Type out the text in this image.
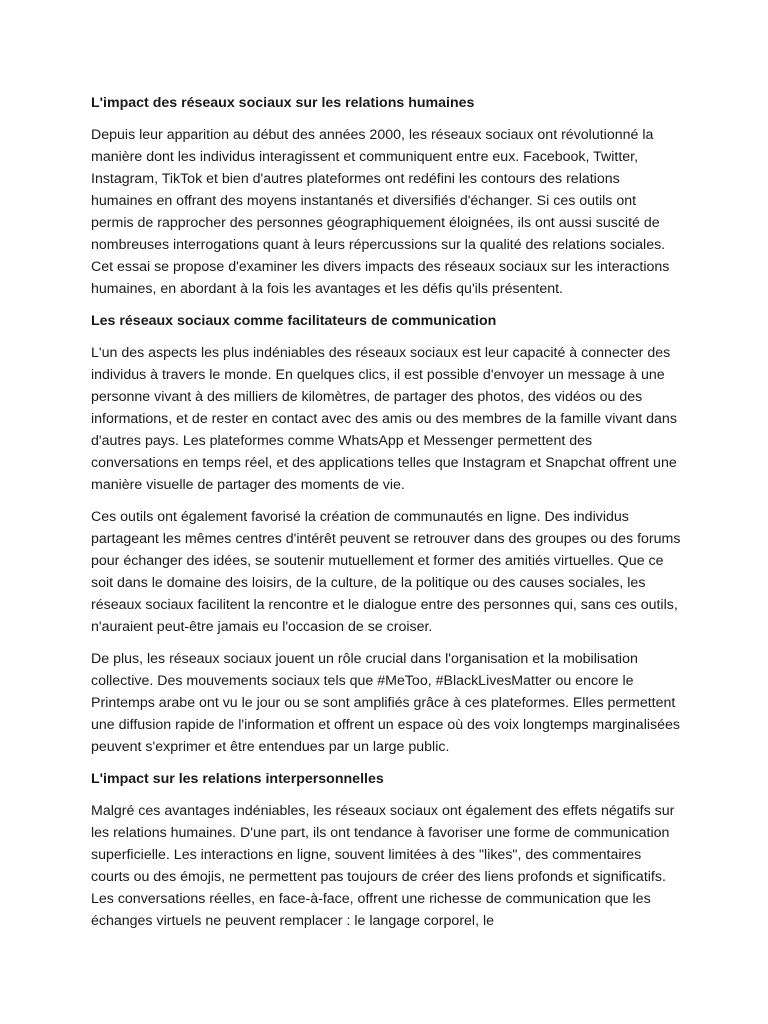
L'impact des réseaux sociaux sur les relations humaines

Depuis leur apparition au début des années 2000, les réseaux sociaux ont révolutionné la manière dont les individus interagissent et communiquent entre eux. Facebook, Twitter, Instagram, TikTok et bien d'autres plateformes ont redéfini les contours des relations humaines en offrant des moyens instantanés et diversifiés d'échanger. Si ces outils ont permis de rapprocher des personnes géographiquement éloignées, ils ont aussi suscité de nombreuses interrogations quant à leurs répercussions sur la qualité des relations sociales. Cet essai se propose d'examiner les divers impacts des réseaux sociaux sur les interactions humaines, en abordant à la fois les avantages et les défis qu'ils présentent.

Les réseaux sociaux comme facilitateurs de communication

L'un des aspects les plus indéniables des réseaux sociaux est leur capacité à connecter des individus à travers le monde. En quelques clics, il est possible d'envoyer un message à une personne vivant à des milliers de kilomètres, de partager des photos, des vidéos ou des informations, et de rester en contact avec des amis ou des membres de la famille vivant dans d'autres pays. Les plateformes comme WhatsApp et Messenger permettent des conversations en temps réel, et des applications telles que Instagram et Snapchat offrent une manière visuelle de partager des moments de vie.

Ces outils ont également favorisé la création de communautés en ligne. Des individus partageant les mêmes centres d'intérêt peuvent se retrouver dans des groupes ou des forums pour échanger des idées, se soutenir mutuellement et former des amitiés virtuelles. Que ce soit dans le domaine des loisirs, de la culture, de la politique ou des causes sociales, les réseaux sociaux facilitent la rencontre et le dialogue entre des personnes qui, sans ces outils, n'auraient peut-être jamais eu l'occasion de se croiser.

De plus, les réseaux sociaux jouent un rôle crucial dans l'organisation et la mobilisation collective. Des mouvements sociaux tels que #MeToo, #BlackLivesMatter ou encore le Printemps arabe ont vu le jour ou se sont amplifiés grâce à ces plateformes. Elles permettent une diffusion rapide de l'information et offrent un espace où des voix longtemps marginalisées peuvent s'exprimer et être entendues par un large public.

L'impact sur les relations interpersonnelles

Malgré ces avantages indéniables, les réseaux sociaux ont également des effets négatifs sur les relations humaines. D'une part, ils ont tendance à favoriser une forme de communication superficielle. Les interactions en ligne, souvent limitées à des "likes", des commentaires courts ou des émojis, ne permettent pas toujours de créer des liens profonds et significatifs. Les conversations réelles, en face-à-face, offrent une richesse de communication que les échanges virtuels ne peuvent remplacer : le langage corporel, le
